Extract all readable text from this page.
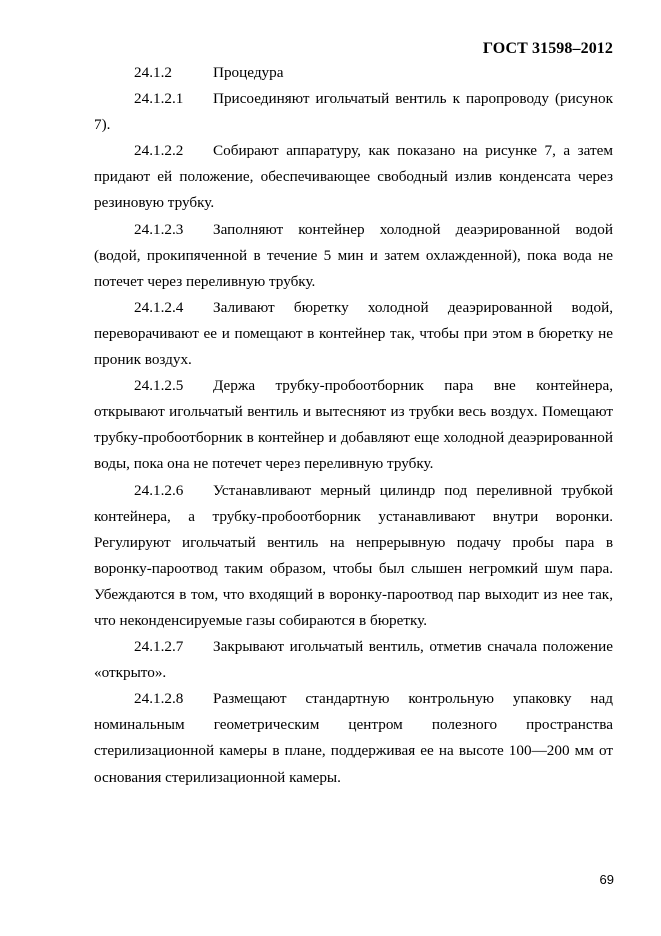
ГОСТ 31598–2012

24.1.2	Процедура

24.1.2.1 Присоединяют игольчатый вентиль к паропроводу (рисунок 7).

24.1.2.2 Собирают аппаратуру, как показано на рисунке 7, а затем придают ей положение, обеспечивающее свободный излив конденсата через резиновую трубку.

24.1.2.3 Заполняют контейнер холодной деаэрированной водой (водой, прокипяченной в течение 5 мин и затем охлажденной), пока вода не потечет через переливную трубку.

24.1.2.4 Заливают бюретку холодной деаэрированной водой, переворачивают ее и помещают в контейнер так, чтобы при этом в бюретку не проник воздух.

24.1.2.5 Держа трубку-пробоотборник пара вне контейнера, открывают игольчатый вентиль и вытесняют из трубки весь воздух. Помещают трубку-пробоотборник в контейнер и добавляют еще холодной деаэрированной воды, пока она не потечет через переливную трубку.

24.1.2.6 Устанавливают мерный цилиндр под переливной трубкой контейнера, а трубку-пробоотборник устанавливают внутри воронки. Регулируют игольчатый вентиль на непрерывную подачу пробы пара в воронку-пароотвод таким образом, чтобы был слышен негромкий шум пара. Убеждаются в том, что входящий в воронку-пароотвод пар выходит из нее так, что неконденсируемые газы собираются в бюретку.

24.1.2.7 Закрывают игольчатый вентиль, отметив сначала положение «открыто».

24.1.2.8 Размещают стандартную контрольную упаковку над номинальным геометрическим центром полезного пространства стерилизационной камеры в плане, поддерживая ее на высоте 100—200 мм от основания стерилизационной камеры.

69
